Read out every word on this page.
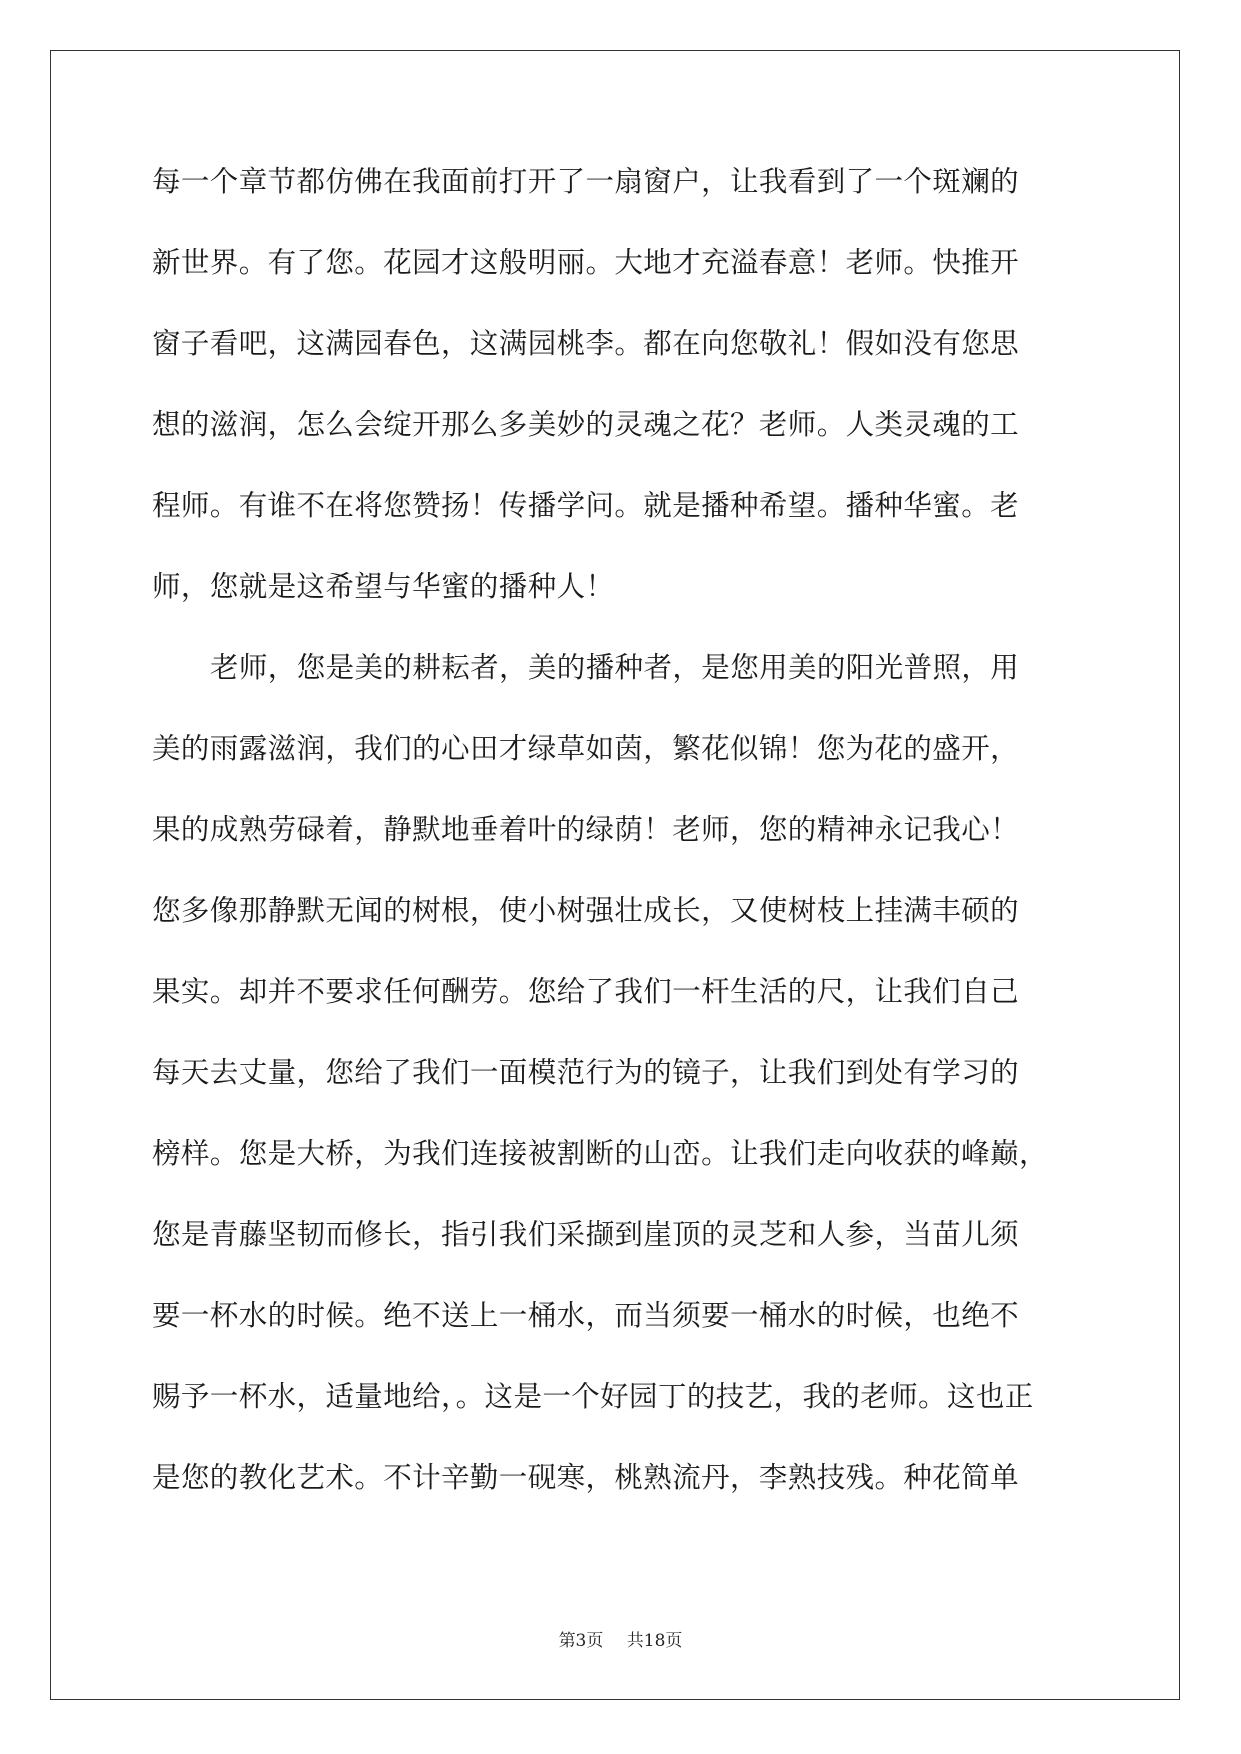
每一个章节都仿佛在我面前打开了一扇窗户，让我看到了一个斑斓的
新世界。有了您。花园才这般明丽。大地才充溢春意！老师。快推开
窗子看吧，这满园春色，这满园桃李。都在向您敬礼！假如没有您思
想的滋润，怎么会绽开那么多美妙的灵魂之花？老师。人类灵魂的工
程师。有谁不在将您赞扬！传播学问。就是播种希望。播种华蜜。老
师，您就是这希望与华蜜的播种人！
老师，您是美的耕耘者，美的播种者，是您用美的阳光普照，用
美的雨露滋润，我们的心田才绿草如茵，繁花似锦！您为花的盛开，
果的成熟劳碌着，静默地垂着叶的绿荫！老师，您的精神永记我心！
您多像那静默无闻的树根，使小树强壮成长，又使树枝上挂满丰硕的
果实。却并不要求任何酬劳。您给了我们一杆生活的尺，让我们自己
每天去丈量，您给了我们一面模范行为的镜子，让我们到处有学习的
榜样。您是大桥，为我们连接被割断的山峦。让我们走向收获的峰巅，
您是青藤坚韧而修长，指引我们采撷到崖顶的灵芝和人参，当苗儿须
要一杯水的时候。绝不送上一桶水，而当须要一桶水的时候，也绝不
赐予一杯水，适量地给，。这是一个好园丁的技艺，我的老师。这也正
是您的教化艺术。不计辛勤一砚寒，桃熟流丹，李熟技残。种花简单
第3页 共18页
